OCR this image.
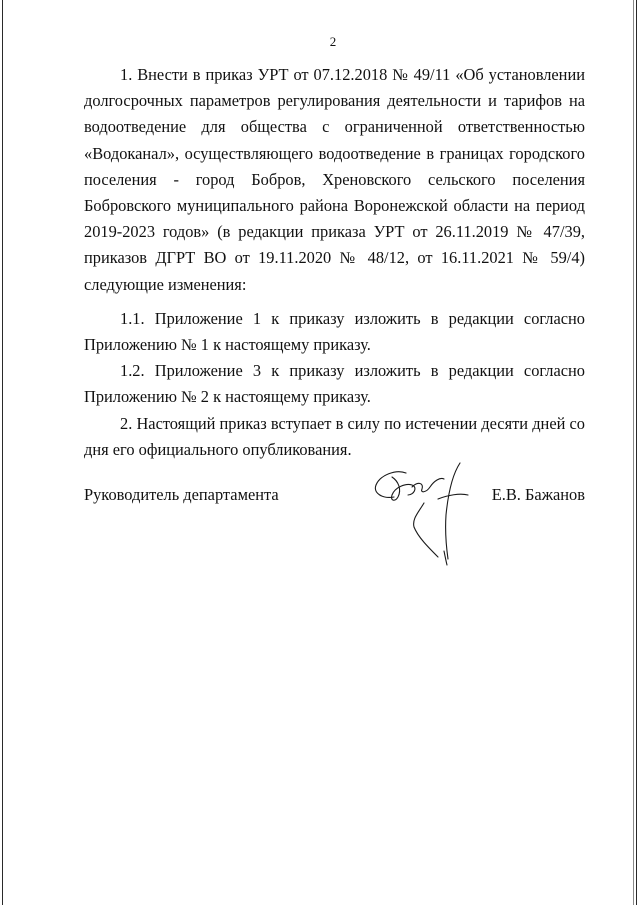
2

1. Внести в приказ УРТ от 07.12.2018 № 49/11 «Об установлении долгосрочных параметров регулирования деятельности и тарифов на водоотведение для общества с ограниченной ответственностью «Водоканал», осуществляющего водоотведение в границах городского поселения - город Бобров, Хреновского сельского поселения Бобровского муниципального района Воронежской области на период 2019-2023 годов» (в редакции приказа УРТ от 26.11.2019 № 47/39, приказов ДГРТ ВО от 19.11.2020 № 48/12, от 16.11.2021 № 59/4) следующие изменения:

1.1. Приложение 1 к приказу изложить в редакции согласно Приложению № 1 к настоящему приказу.

1.2. Приложение 3 к приказу изложить в редакции согласно Приложению № 2 к настоящему приказу.

2. Настоящий приказ вступает в силу по истечении десяти дней со дня его официального опубликования.

Руководитель департамента	Е.В. Бажанов
